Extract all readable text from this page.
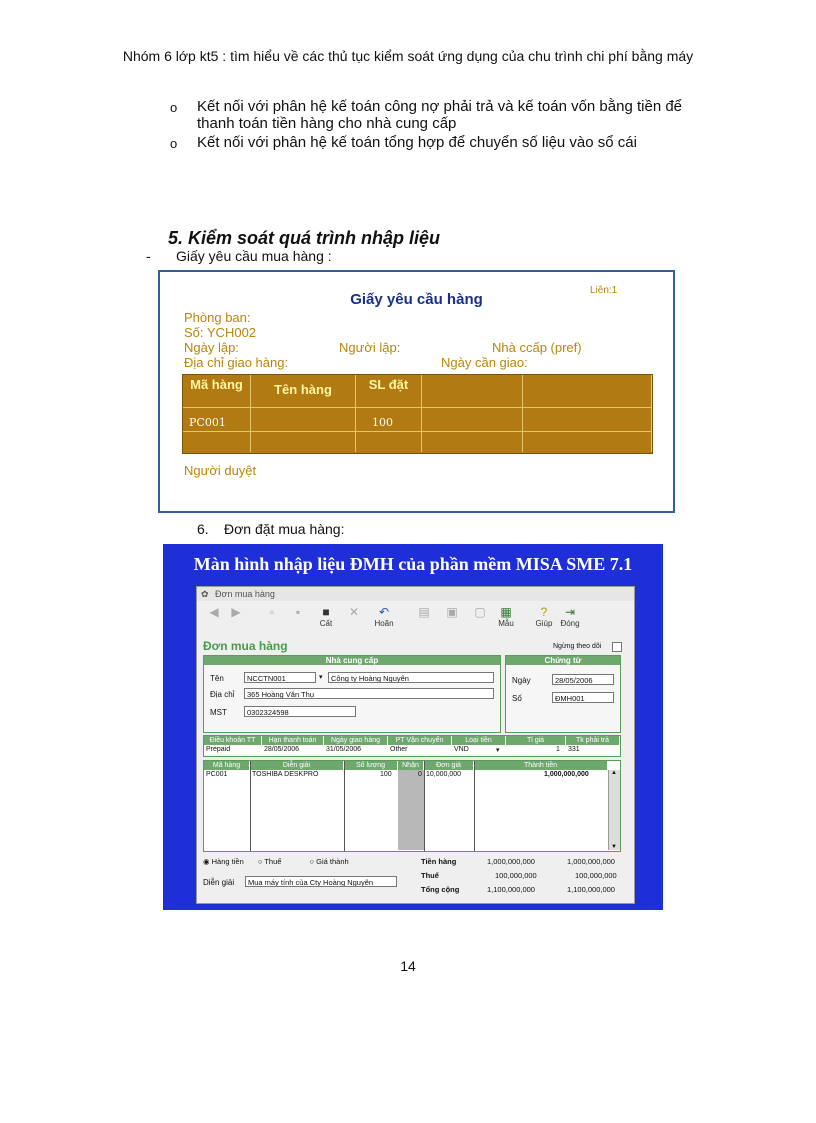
Nhóm 6 lớp kt5 : tìm hiểu về các thủ tục kiểm soát ứng dụng của chu trình chi phí bằng máy
o Kết nối với phân hệ kế toán công nợ phải trả và kế toán vốn bằng tiền để thanh toán tiền hàng cho nhà cung cấp
o Kết nối với phân hệ kế toán tổng hợp để chuyển số liệu vào sổ cái
5. Kiểm soát quá trình nhập liệu
- Giấy yêu cầu mua hàng :
Liên:1
Giấy yêu cầu hàng
Phòng ban:
Số: YCH002
Ngày lập:	Người lập:	Nhà ccấp (pref)
Địa chỉ giao hàng:	Ngày cần giao:
Mã hàng	Tên hàng	SL đặt
PC001	100
Người duyệt
6. Đơn đặt mua hàng:
Màn hình nhập liệu ĐMH của phần mềm MISA SME 7.1
✿ Đơn mua hàng
◀	▶	▫	▪	■
Cất
✕	↶
Hoãn
▤	▣	▢	▦
Mẫu
?
Giúp
⇥
Đóng
Đơn mua hàng	Ngừng theo dõi
Nhà cung cấp
Tên	NCCTN001	▾	Công ty Hoàng Nguyên
Địa chỉ	365 Hoàng Văn Thụ
MST	0302324598
Chứng từ
Ngày	28/05/2006
Số	ĐMH001
Điều khoản TT	Hạn thanh toán	Ngày giao hàng	PT Vận chuyển	Loại tiền	Tỉ giá	Tk phải trả
Prepaid	28/05/2006	31/05/2006	Other	VND	▾	1 331
Mã hàng	Diễn giải	Số lượng	Nhận	Đơn giá	Thành tiền
PC001	TOSHIBA DESKPRO	100	0 10,000,000	1,000,000,000	▲
▼
◉ Hàng tiền ○ Thuế	○ Giá thành
Diễn giải	Mua máy tính của Cty Hoàng Nguyên
Tiền hàng	1,000,000,000	1,000,000,000
Thuế	100,000,000	100,000,000
Tổng cộng	1,100,000,000	1,100,000,000
14
